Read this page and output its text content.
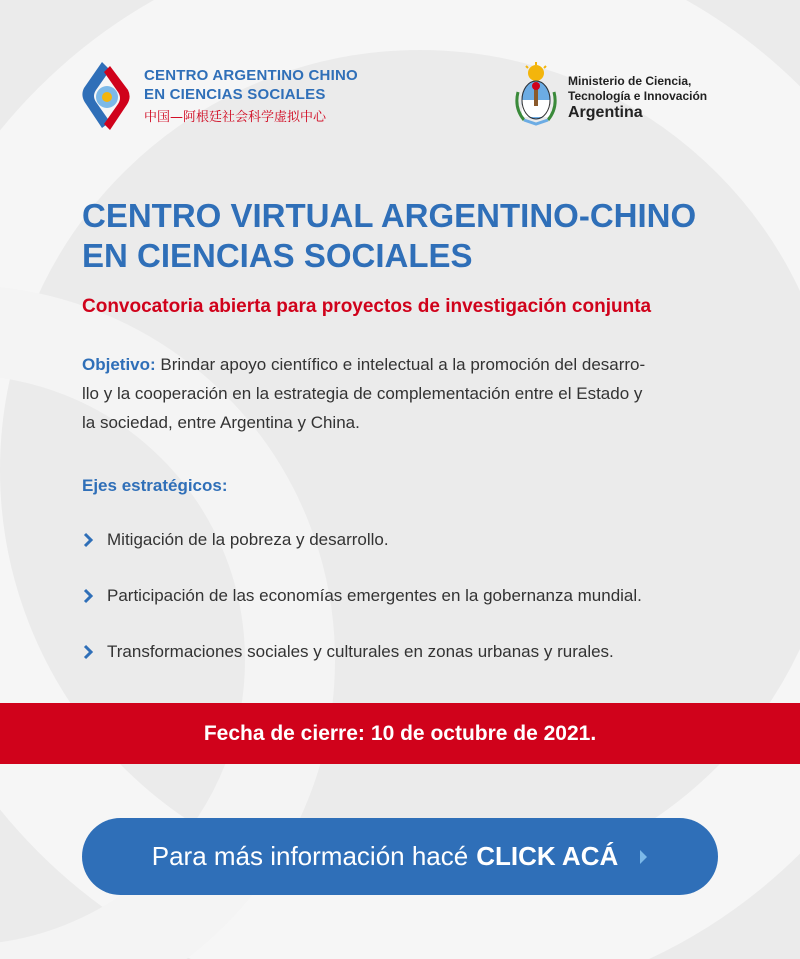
CENTRO ARGENTINO CHINO
EN CIENCIAS SOCIALES
中国—阿根廷社会科学虚拟中心
Ministerio de Ciencia,
Tecnología e Innovación
Argentina
CENTRO VIRTUAL ARGENTINO-CHINO
EN CIENCIAS SOCIALES
Convocatoria abierta para proyectos de investigación conjunta
Objetivo: Brindar apoyo científico e intelectual a la promoción del desarro-
llo y la cooperación en la estrategia de complementación entre el Estado y
la sociedad, entre Argentina y China.
Ejes estratégicos:
Mitigación de la pobreza y desarrollo.
Participación de las economías emergentes en la gobernanza mundial.
Transformaciones sociales y culturales en zonas urbanas y rurales.
Fecha de cierre: 10 de octubre de 2021.
Para más información hacé CLICK ACÁ
